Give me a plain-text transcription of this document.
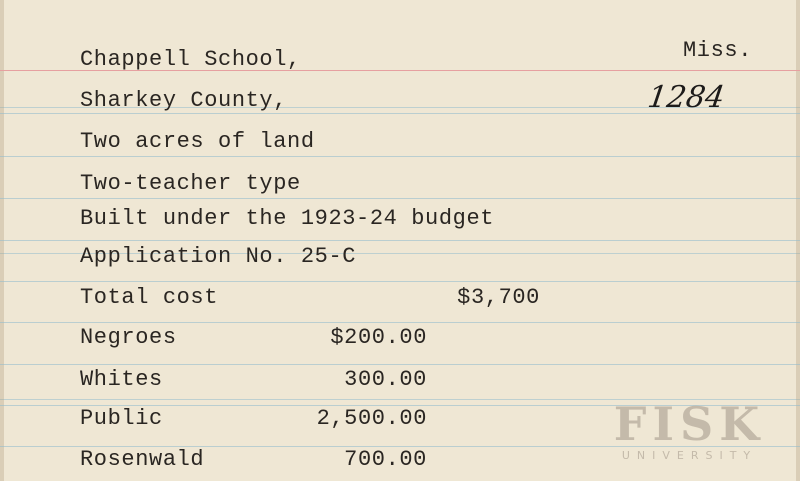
Miss.
1284
Chappell School,
Sharkey County,
Two acres of land
Two-teacher type
Built under the 1923-24 budget
Application No. 25-C
Total cost	$3,700
Negroes	$200.00
Whites	300.00
Public	2,500.00
Rosenwald	700.00
FISK
UNIVERSITY
